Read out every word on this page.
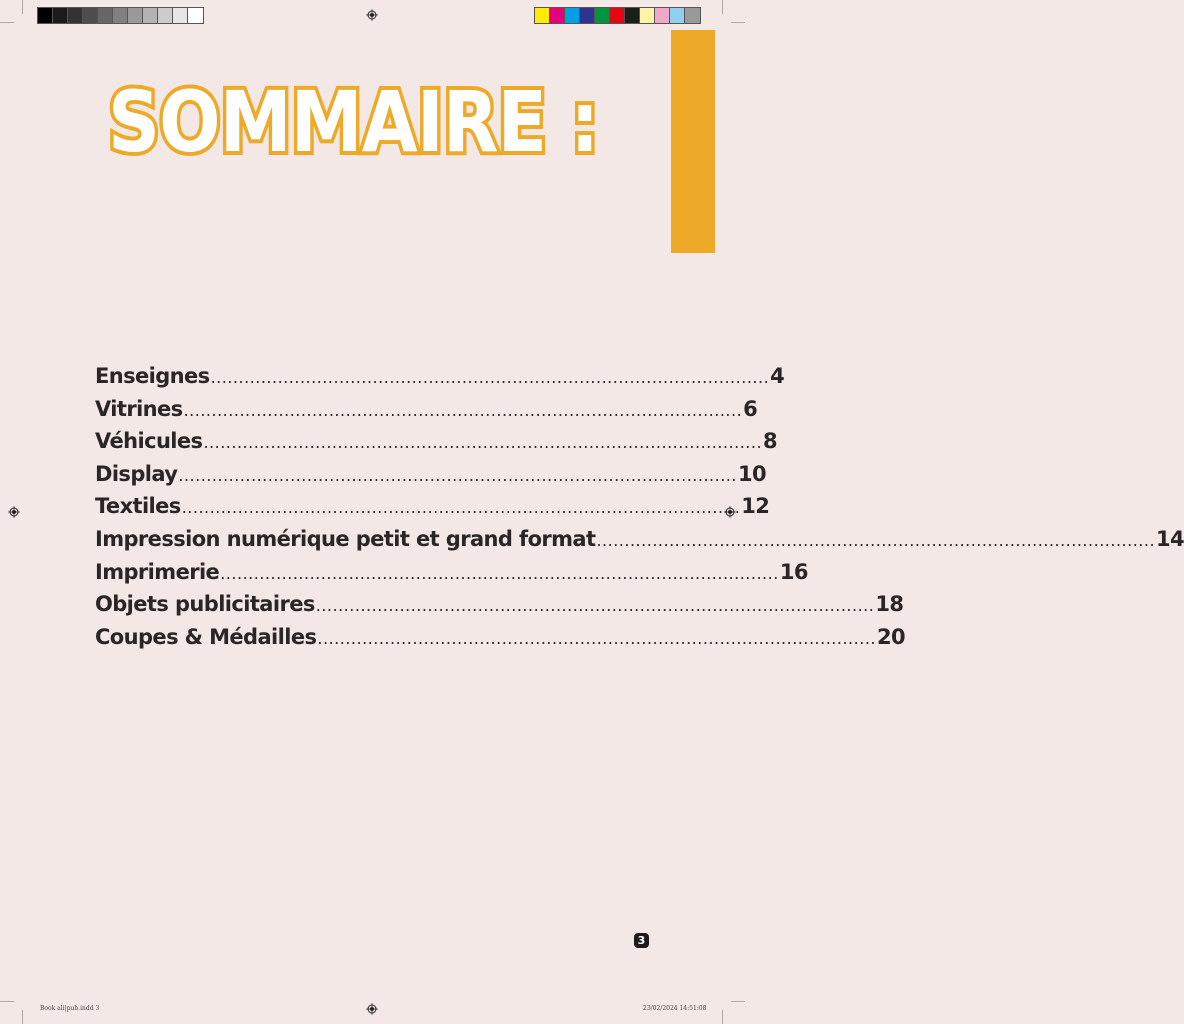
SOMMAIRE :
Enseignes .................................................................................................... 4
Vitrines .................................................................................................... 6
Véhicules .................................................................................................... 8
Display .................................................................................................... 10
Textiles .................................................................................................... 12
Impression numérique petit et grand format .................................................................................................... 14
Imprimerie .................................................................................................... 16
Objets publicitaires .................................................................................................... 18
Coupes & Médailles .................................................................................................... 20
3
Book ali|pub.indd 3	23/02/2024 14:51:08
